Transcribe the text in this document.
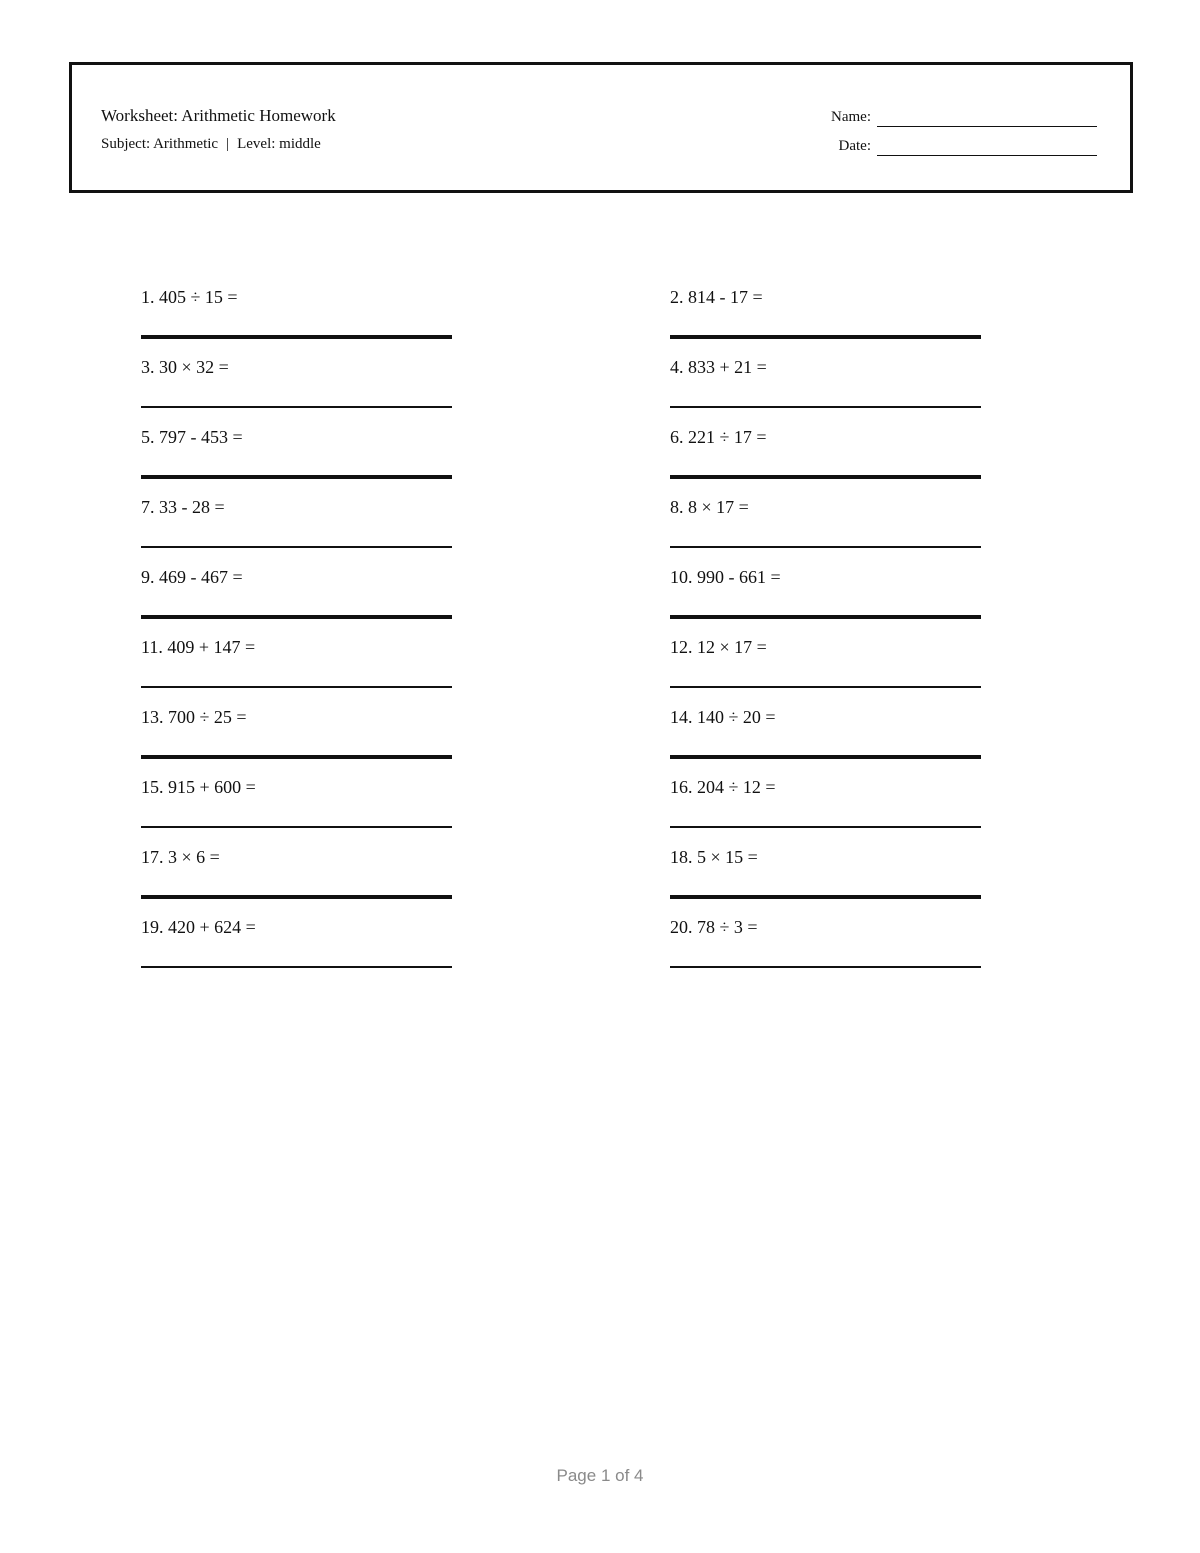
Worksheet: Arithmetic Homework
Subject: Arithmetic | Level: middle
Name:
Date:
1. 405 ÷ 15 =	2. 814 - 17 =
3. 30 × 32 =	4. 833 + 21 =
5. 797 - 453 =	6. 221 ÷ 17 =
7. 33 - 28 =	8. 8 × 17 =
9. 469 - 467 =	10. 990 - 661 =
11. 409 + 147 =	12. 12 × 17 =
13. 700 ÷ 25 =	14. 140 ÷ 20 =
15. 915 + 600 =	16. 204 ÷ 12 =
17. 3 × 6 =	18. 5 × 15 =
19. 420 + 624 =	20. 78 ÷ 3 =
Page 1 of 4
